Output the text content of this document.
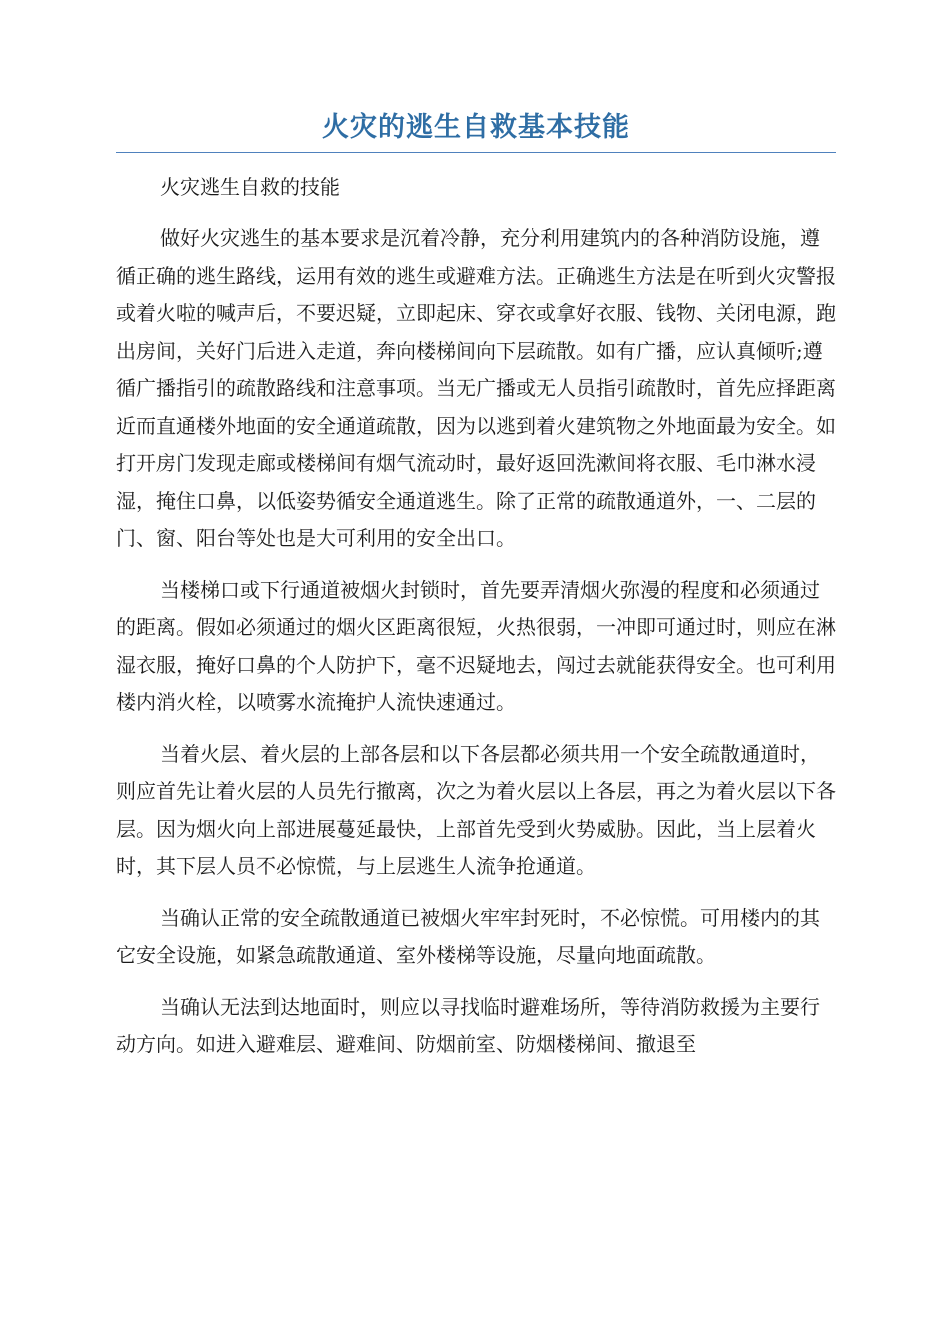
火灾的逃生自救基本技能

火灾逃生自救的技能

做好火灾逃生的基本要求是沉着冷静，充分利用建筑内的各种消防设施，遵循正确的逃生路线，运用有效的逃生或避难方法。正确逃生方法是在听到火灾警报或着火啦的喊声后，不要迟疑，立即起床、穿衣或拿好衣服、钱物、关闭电源，跑出房间，关好门后进入走道，奔向楼梯间向下层疏散。如有广播，应认真倾听;遵循广播指引的疏散路线和注意事项。当无广播或无人员指引疏散时，首先应择距离近而直通楼外地面的安全通道疏散，因为以逃到着火建筑物之外地面最为安全。如打开房门发现走廊或楼梯间有烟气流动时，最好返回洗漱间将衣服、毛巾淋水浸湿，掩住口鼻，以低姿势循安全通道逃生。除了正常的疏散通道外，一、二层的门、窗、阳台等处也是大可利用的安全出口。

当楼梯口或下行通道被烟火封锁时，首先要弄清烟火弥漫的程度和必须通过的距离。假如必须通过的烟火区距离很短，火热很弱，一冲即可通过时，则应在淋湿衣服，掩好口鼻的个人防护下，毫不迟疑地去，闯过去就能获得安全。也可利用楼内消火栓，以喷雾水流掩护人流快速通过。

当着火层、着火层的上部各层和以下各层都必须共用一个安全疏散通道时，则应首先让着火层的人员先行撤离，次之为着火层以上各层，再之为着火层以下各层。因为烟火向上部进展蔓延最快，上部首先受到火势威胁。因此，当上层着火时，其下层人员不必惊慌，与上层逃生人流争抢通道。

当确认正常的安全疏散通道已被烟火牢牢封死时，不必惊慌。可用楼内的其它安全设施，如紧急疏散通道、室外楼梯等设施，尽量向地面疏散。

当确认无法到达地面时，则应以寻找临时避难场所，等待消防救援为主要行动方向。如进入避难层、避难间、防烟前室、防烟楼梯间、撤退至
